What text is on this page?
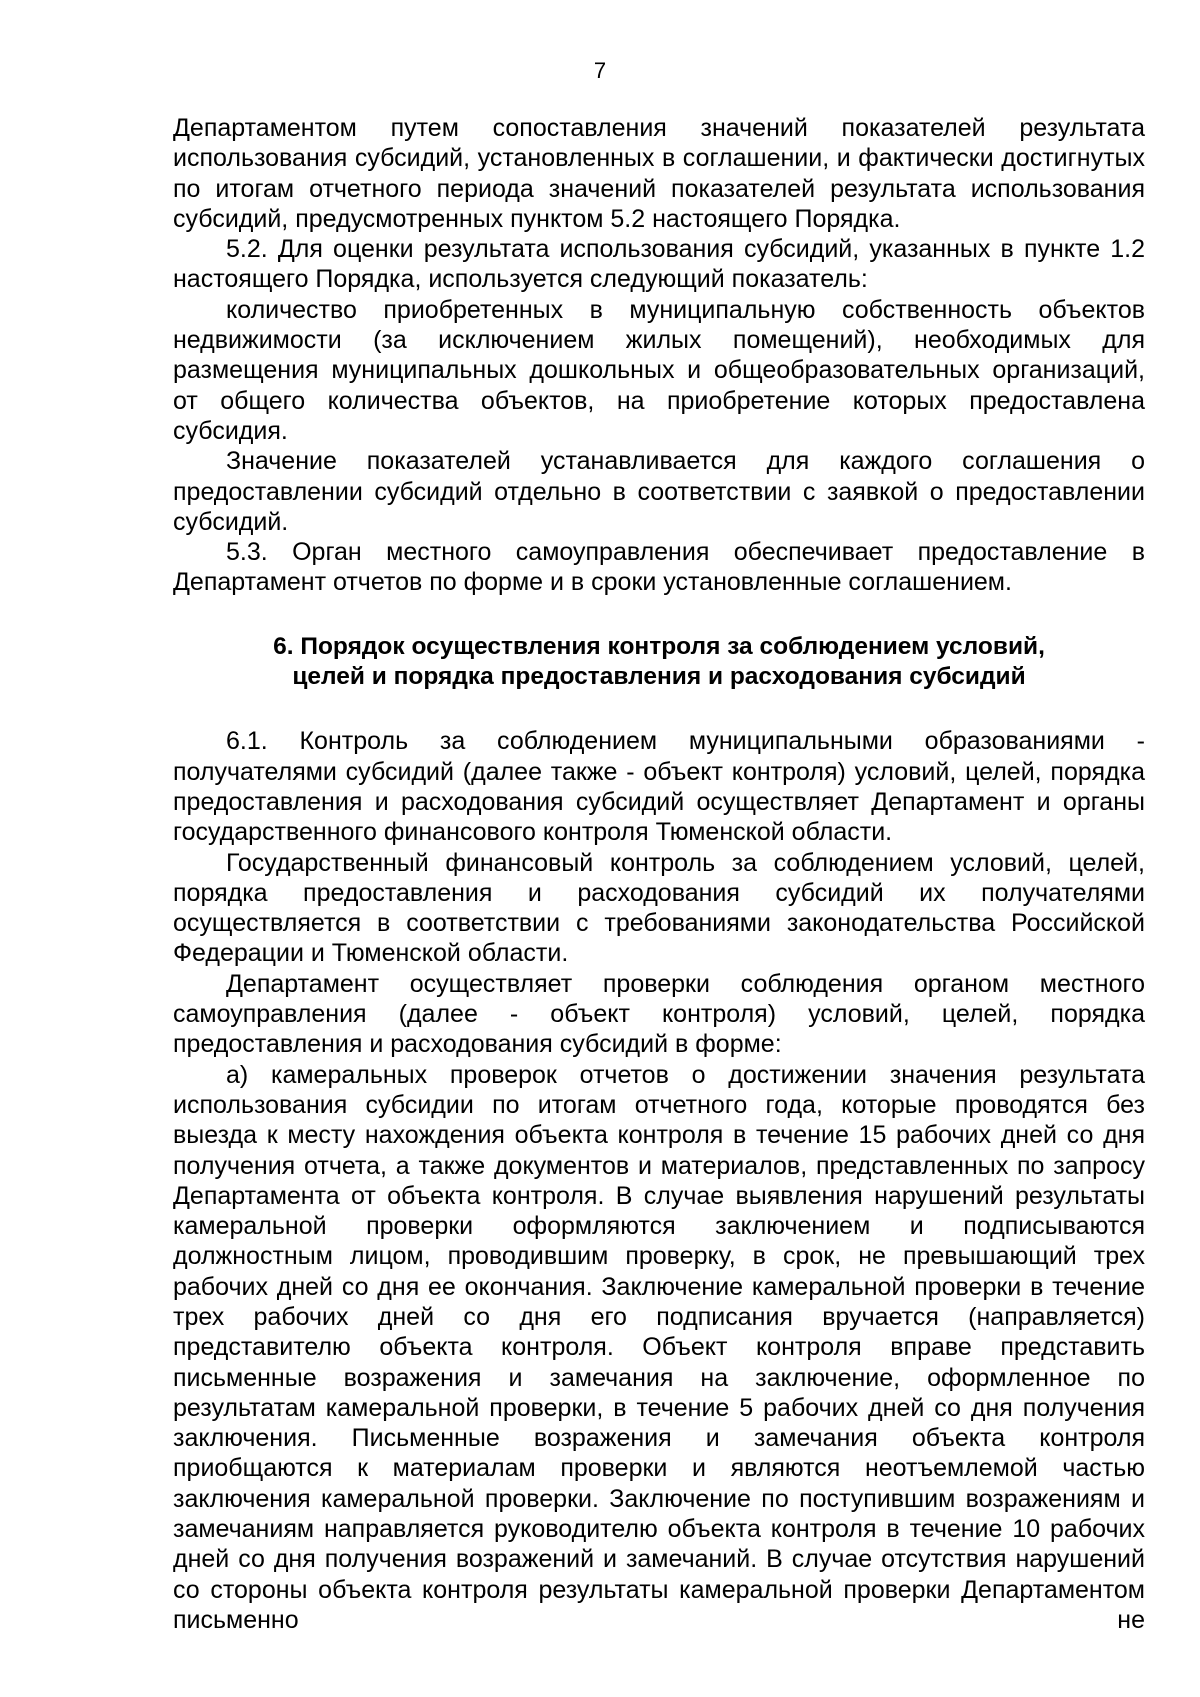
7

Департаментом путем сопоставления значений показателей результата использования субсидий, установленных в соглашении, и фактически достигнутых по итогам отчетного периода значений показателей результата использования субсидий, предусмотренных пунктом 5.2 настоящего Порядка.

5.2. Для оценки результата использования субсидий, указанных в пункте 1.2 настоящего Порядка, используется следующий показатель:

количество приобретенных в муниципальную собственность объектов недвижимости (за исключением жилых помещений), необходимых для размещения муниципальных дошкольных и общеобразовательных организаций, от общего количества объектов, на приобретение которых предоставлена субсидия.

Значение показателей устанавливается для каждого соглашения о предоставлении субсидий отдельно в соответствии с заявкой о предоставлении субсидий.

5.3. Орган местного самоуправления обеспечивает предоставление в Департамент отчетов по форме и в сроки установленные соглашением.

6. Порядок осуществления контроля за соблюдением условий,
целей и порядка предоставления и расходования субсидий

6.1. Контроль за соблюдением муниципальными образованиями - получателями субсидий (далее также - объект контроля) условий, целей, порядка предоставления и расходования субсидий осуществляет Департамент и органы государственного финансового контроля Тюменской области.

Государственный финансовый контроль за соблюдением условий, целей, порядка предоставления и расходования субсидий их получателями осуществляется в соответствии с требованиями законодательства Российской Федерации и Тюменской области.

Департамент осуществляет проверки соблюдения органом местного самоуправления (далее - объект контроля) условий, целей, порядка предоставления и расходования субсидий в форме:

а) камеральных проверок отчетов о достижении значения результата использования субсидии по итогам отчетного года, которые проводятся без выезда к месту нахождения объекта контроля в течение 15 рабочих дней со дня получения отчета, а также документов и материалов, представленных по запросу Департамента от объекта контроля. В случае выявления нарушений результаты камеральной проверки оформляются заключением и подписываются должностным лицом, проводившим проверку, в срок, не превышающий трех рабочих дней со дня ее окончания. Заключение камеральной проверки в течение трех рабочих дней со дня его подписания вручается (направляется) представителю объекта контроля. Объект контроля вправе представить письменные возражения и замечания на заключение, оформленное по результатам камеральной проверки, в течение 5 рабочих дней со дня получения заключения. Письменные возражения и замечания объекта контроля приобщаются к материалам проверки и являются неотъемлемой частью заключения камеральной проверки. Заключение по поступившим возражениям и замечаниям направляется руководителю объекта контроля в течение 10 рабочих дней со дня получения возражений и замечаний. В случае отсутствия нарушений со стороны объекта контроля результаты камеральной проверки Департаментом письменно не
